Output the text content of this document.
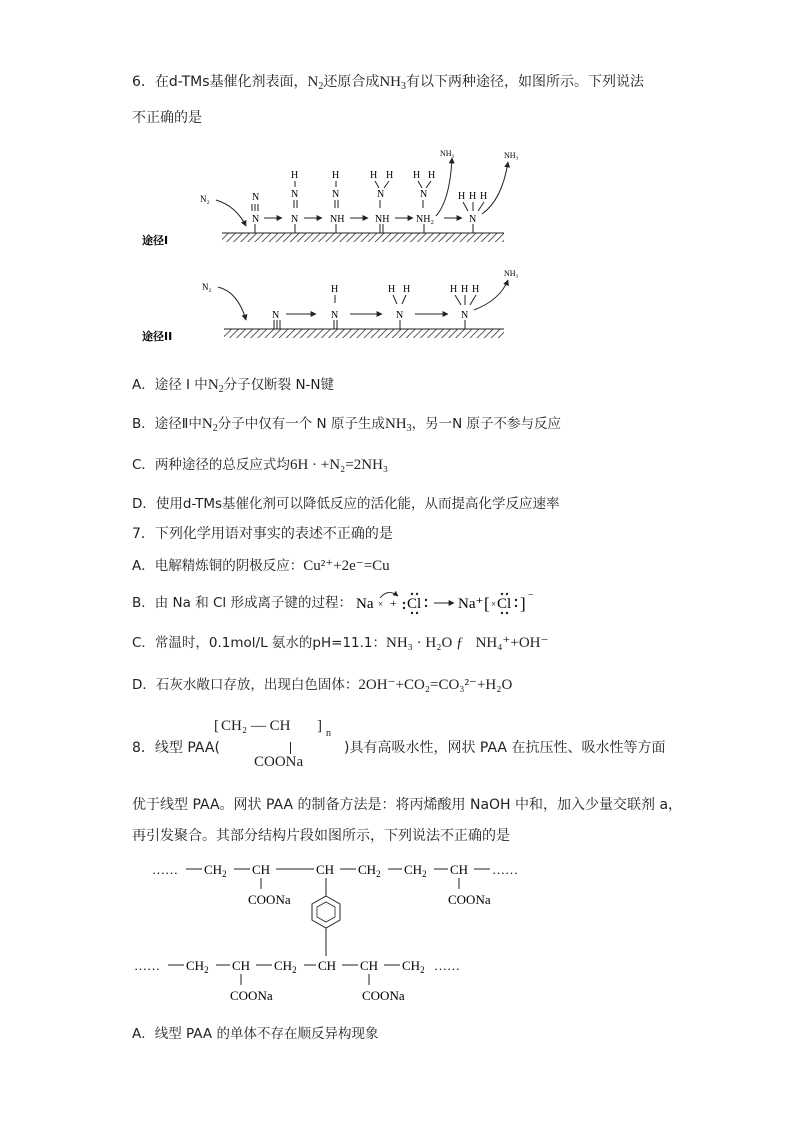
6．在d-TMs基催化剂表面，$N_2$还原合成$NH_3$有以下两种途径，如图所示。下列说法
不正确的是
途径I
N₂	N
N
H
N
N
H
N
NH
H H
N
NH
H H
N
NH₂
NH₃
H H H
N
NH₃
途径II
N₂
N
H
N
H H
N
H H H
N
NH₃
A．途径 I 中$N_2$分子仅断裂 N-N键
B．途径Ⅱ中$N_2$分子中仅有一个 N 原子生成$NH_3$，另一N 原子不参与反应
C．两种途径的总反应式均6H · +N₂=2NH₃
D．使用d-TMs基催化剂可以降低反应的活化能，从而提高化学反应速率
7．下列化学用语对事实的表述不正确的是
A．电解精炼铜的阴极反应：Cu²⁺+2e⁻=Cu
B．由 Na 和 Cl 形成离子键的过程： Na × + Cl Na⁺ [ × Cl ] −
C．常温时，0.1mol/L 氨水的pH=11.1：NH₃ · H₂O ƒ NH₄⁺+OH⁻
D．石灰水敞口存放，出现白色固体：2OH⁻+CO₂=CO₃²⁻+H₂O
8．线型 PAA(
[ CH₂ — CH ] n
COONa
)具有高吸水性，网状 PAA 在抗压性、吸水性等方面
优于线型 PAA。网状 PAA 的制备方法是：将丙烯酸用 NaOH 中和，加入少量交联剂 a，
再引发聚合。其部分结构片段如图所示，下列说法不正确的是
…… $CH_2$ CH
COONa
CH $CH_2$ $CH_2$ CH
COONa
……
…… $CH_2$ CH
COONa
$CH_2$ CH CH
COONa
$CH_2$ ……
A．线型 PAA 的单体不存在顺反异构现象
